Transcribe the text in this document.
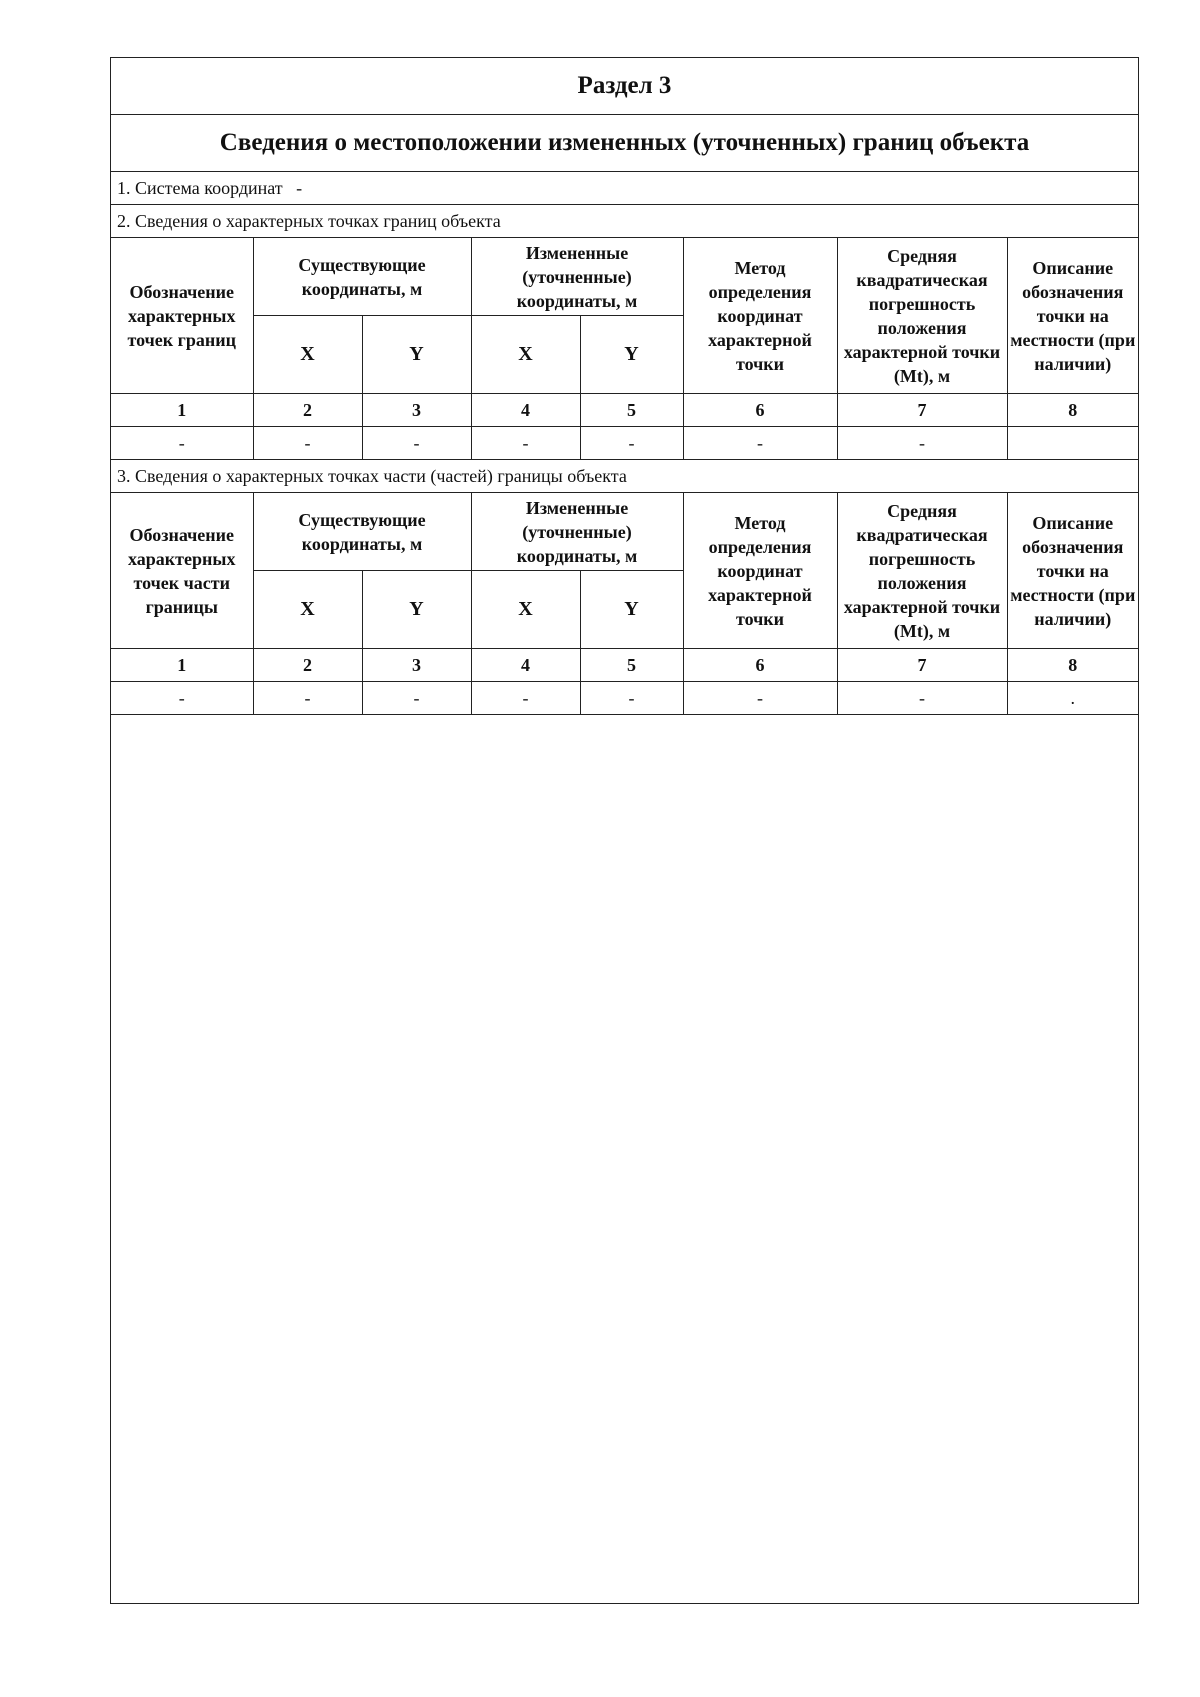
Раздел 3							
Сведения о местоположении измененных (уточненных) границ объекта							
1. Система координат -							
2. Сведения о характерных точках границ объекта							
Обозначение характерных точек границ	Существующие координаты, м		Измененные (уточненные) координаты, м		Метод определения координат характерной точки	Средняя квадратическая погрешность положения характерной точки (Mt), м	Описание обозначения точки на местности (при наличии)
	X	Y	X	Y			
1	2	3	4	5	6	7	8
-	-	-	-	-	-	-	
3. Сведения о характерных точках части (частей) границы объекта							
Обозначение характерных точек части границы	Существующие координаты, м		Измененные (уточненные) координаты, м		Метод определения координат характерной точки	Средняя квадратическая погрешность положения характерной точки (Mt), м	Описание обозначения точки на местности (при наличии)
	X	Y	X	Y			
1	2	3	4	5	6	7	8
-	-	-	-	-	-	-	.
